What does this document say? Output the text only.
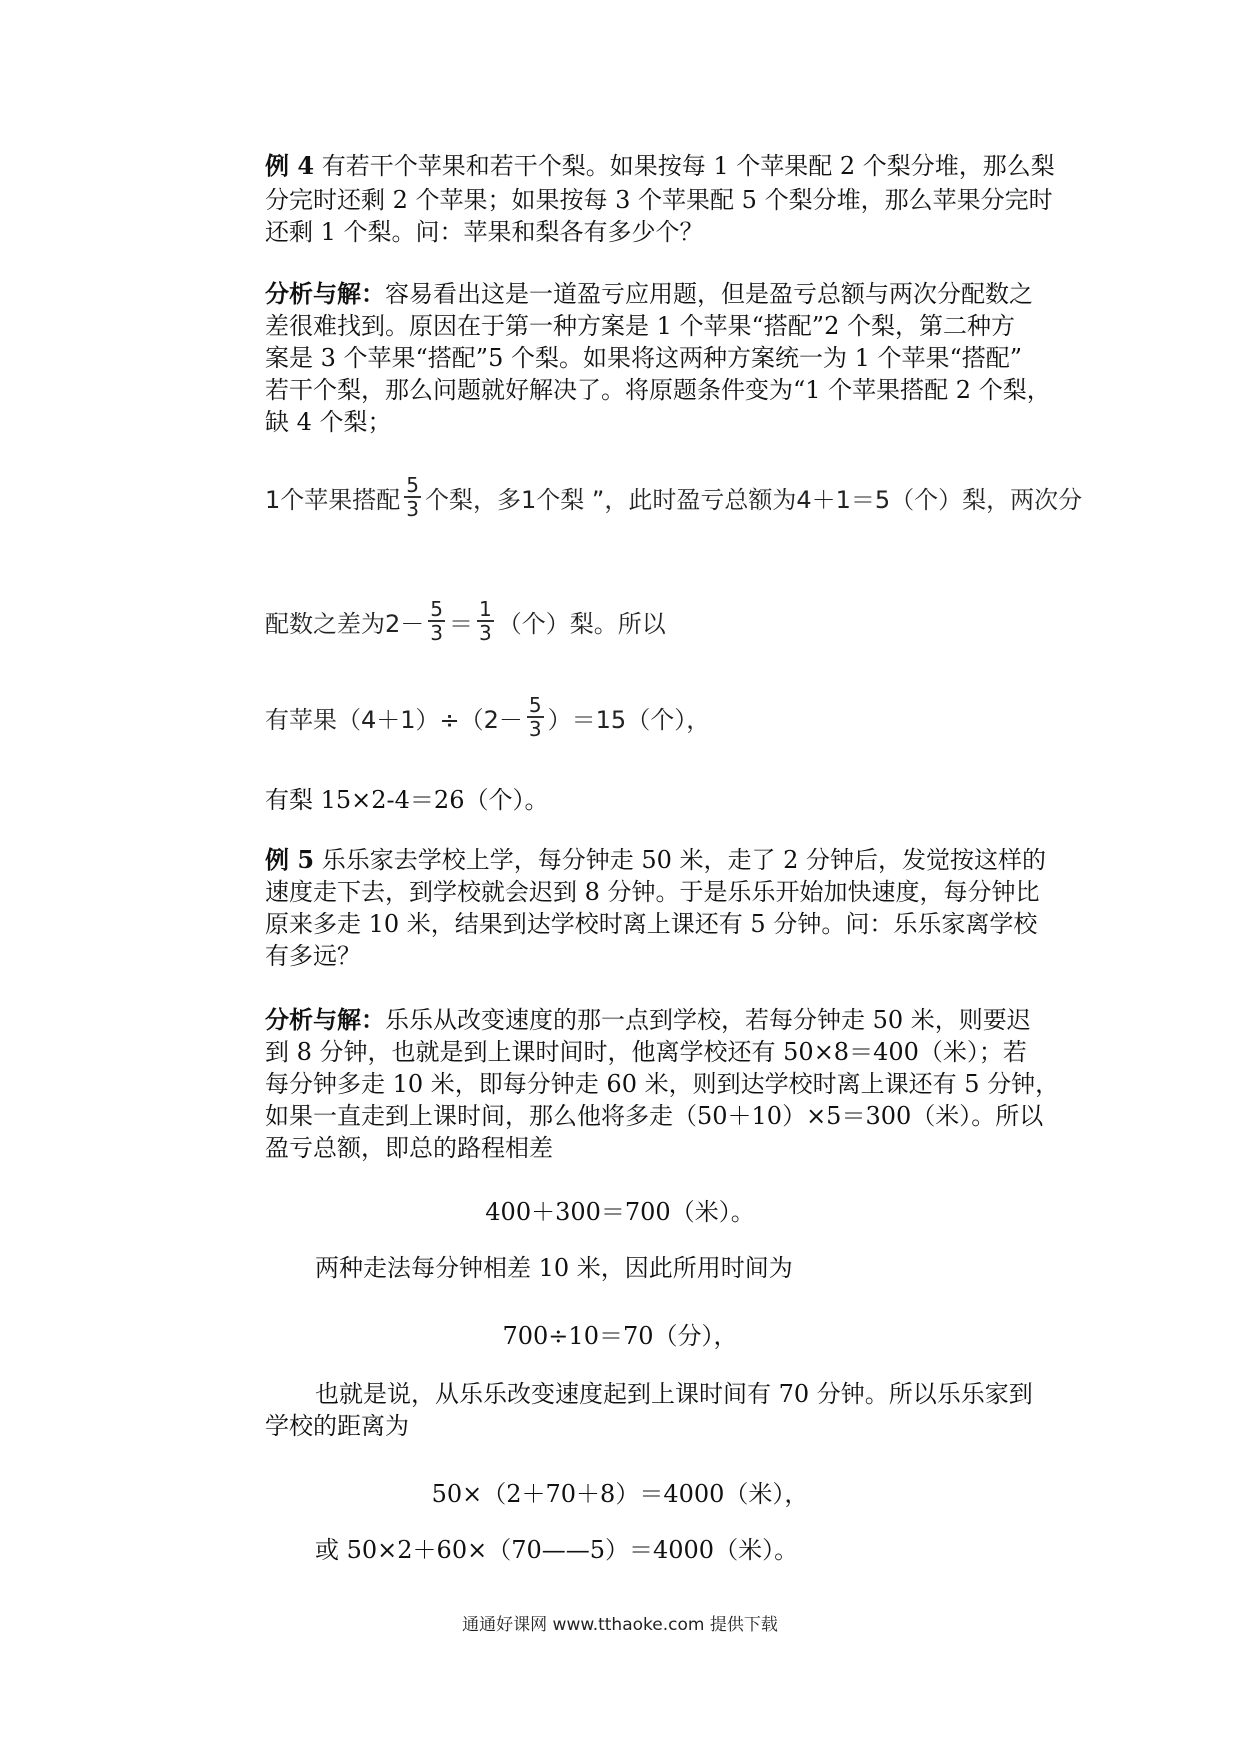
例 4 有若干个苹果和若干个梨。如果按每 1 个苹果配 2 个梨分堆，那么梨
分完时还剩 2 个苹果；如果按每 3 个苹果配 5 个梨分堆，那么苹果分完时
还剩 1 个梨。问：苹果和梨各有多少个？
分析与解：容易看出这是一道盈亏应用题，但是盈亏总额与两次分配数之
差很难找到。原因在于第一种方案是 1 个苹果“搭配”2 个梨，第二种方
案是 3 个苹果“搭配”5 个梨。如果将这两种方案统一为 1 个苹果“搭配”
若干个梨，那么问题就好解决了。将原题条件变为“1 个苹果搭配 2 个梨，
缺 4 个梨；
1个苹果搭配 $\frac{5}{3}$ 个梨，多1个梨 ”，此时盈亏总额为4＋1＝5（个）梨，两次分
配数之差为$2- \frac{5}{3} = \frac{1}{3}$ （个）梨。所以
有苹果$(4+1)\div(2- \frac{5}{3} )=15$（个），
有梨 15×2-4＝26（个）。
例 5 乐乐家去学校上学，每分钟走 50 米，走了 2 分钟后，发觉按这样的
速度走下去，到学校就会迟到 8 分钟。于是乐乐开始加快速度，每分钟比
原来多走 10 米，结果到达学校时离上课还有 5 分钟。问：乐乐家离学校
有多远？
分析与解：乐乐从改变速度的那一点到学校，若每分钟走 50 米，则要迟
到 8 分钟，也就是到上课时间时，他离学校还有 50×8＝400（米）；若
每分钟多走 10 米，即每分钟走 60 米，则到达学校时离上课还有 5 分钟，
如果一直走到上课时间，那么他将多走（50＋10）×5＝300（米）。所以
盈亏总额，即总的路程相差
400＋300＝700（米）。
两种走法每分钟相差 10 米，因此所用时间为
700÷10＝70（分），
也就是说，从乐乐改变速度起到上课时间有 70 分钟。所以乐乐家到
学校的距离为
50×（2＋70＋8）＝4000（米），
或 50×2＋60×（70——5）＝4000（米）。
通通好课网 www.tthaoke.com 提供下载
